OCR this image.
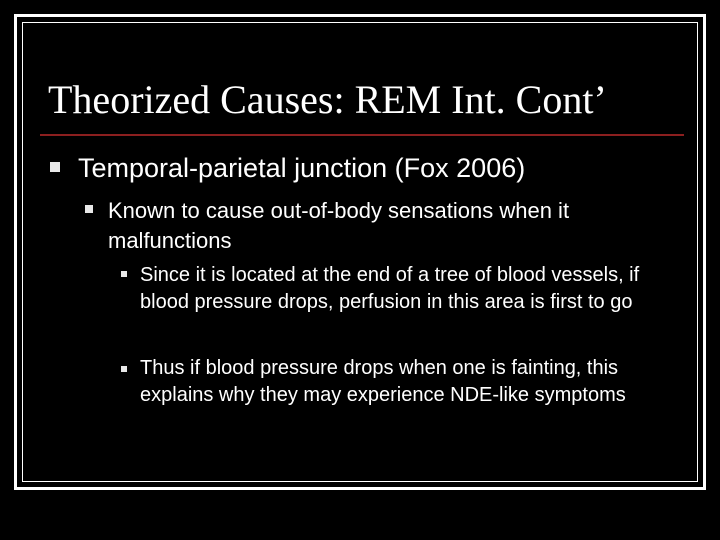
Theorized Causes: REM Int. Cont’
Temporal-parietal junction (Fox 2006)
Known to cause out-of-body sensations when it malfunctions
Since it is located at the end of a tree of blood vessels, if blood pressure drops, perfusion in this area is first to go
Thus if blood pressure drops when one is fainting, this explains why they may experience NDE-like symptoms
